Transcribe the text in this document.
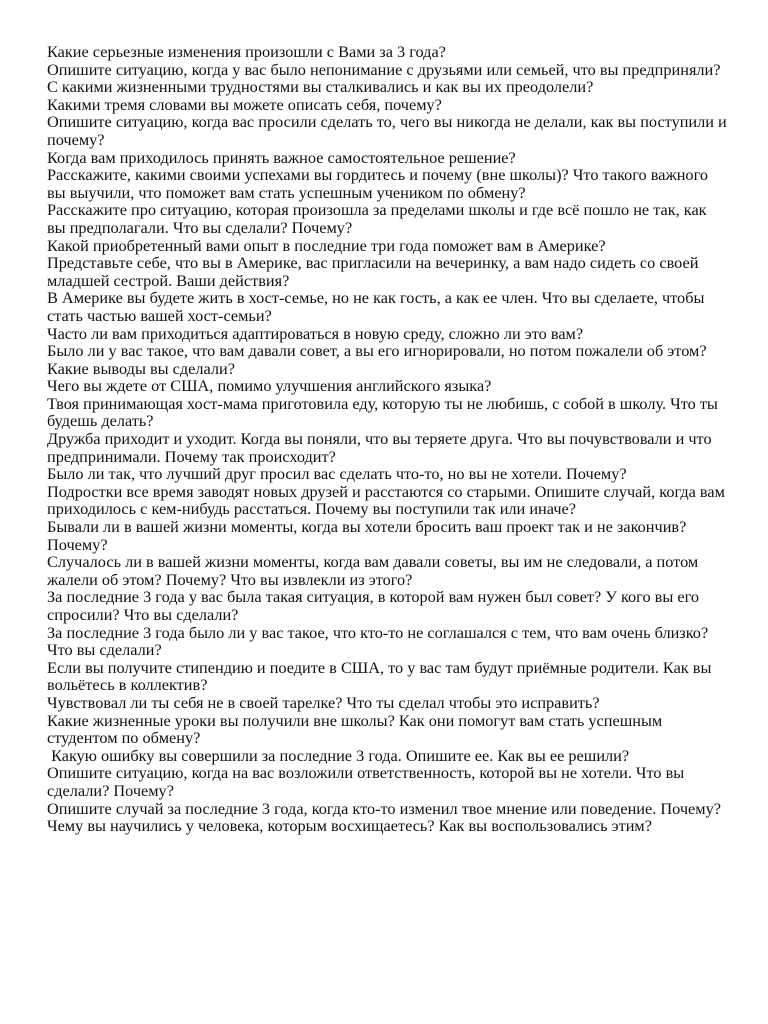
Какие серьезные изменения произошли с Вами за 3 года?

Опишите ситуацию, когда у вас было непонимание с друзьями или семьей, что вы предприняли?

С какими жизненными трудностями вы сталкивались и как вы их преодолели?

Какими тремя словами вы можете описать себя, почему?

Опишите ситуацию, когда вас просили сделать то, чего вы никогда не делали, как вы поступили и почему?

Когда вам приходилось принять важное самостоятельное решение?

Расскажите, какими своими успехами вы гордитесь и почему (вне школы)? Что такого важного вы выучили, что поможет вам стать успешным учеником по обмену?

Расскажите про ситуацию, которая произошла за пределами школы и где всё пошло не так, как вы предполагали. Что вы сделали? Почему?

Какой приобретенный вами опыт в последние три года поможет вам в Америке?

Представьте себе, что вы в Америке, вас пригласили на вечеринку, а вам надо сидеть со своей младшей сестрой. Ваши действия?

В Америке вы будете жить в хост-семье, но не как гость, а как ее член. Что вы сделаете, чтобы стать частью вашей хост-семьи?

Часто ли вам приходиться адаптироваться в новую среду, сложно ли это вам?

Было ли у вас такое, что вам давали совет, а вы его игнорировали, но потом пожалели об этом? Какие выводы вы сделали?

Чего вы ждете от США, помимо улучшения английского языка?

Твоя принимающая хост-мама приготовила еду, которую ты не любишь, с собой в школу. Что ты будешь делать?

Дружба приходит и уходит. Когда вы поняли, что вы теряете друга. Что вы почувствовали и что предпринимали. Почему так происходит?

Было ли так, что лучший друг просил вас сделать что-то, но вы не хотели. Почему?

Подростки все время заводят новых друзей и расстаются со старыми. Опишите случай, когда вам приходилось с кем-нибудь расстаться. Почему вы поступили так или иначе?

Бывали ли в вашей жизни моменты, когда вы хотели бросить ваш проект так и не закончив? Почему?

Случалось ли в вашей жизни моменты, когда вам давали советы, вы им не следовали, а потом жалели об этом? Почему? Что вы извлекли из этого?

За последние 3 года у вас была такая ситуация, в которой вам нужен был совет? У кого вы его спросили? Что вы сделали?

За последние 3 года было ли у вас такое, что кто-то не соглашался с тем, что вам очень близко? Что вы сделали?

Если вы получите стипендию и поедите в США, то у вас там будут приёмные родители. Как вы вольётесь в коллектив?

Чувствовал ли ты себя не в своей тарелке? Что ты сделал чтобы это исправить?

Какие жизненные уроки вы получили вне школы? Как они помогут вам стать успешным студентом по обмену?

Какую ошибку вы совершили за последние 3 года. Опишите ее. Как вы ее решили?

Опишите ситуацию, когда на вас возложили ответственность, которой вы не хотели. Что вы сделали? Почему?

Опишите случай за последние 3 года, когда кто-то изменил твое мнение или поведение. Почему? Чему вы научились у человека, которым восхищаетесь? Как вы воспользовались этим?
